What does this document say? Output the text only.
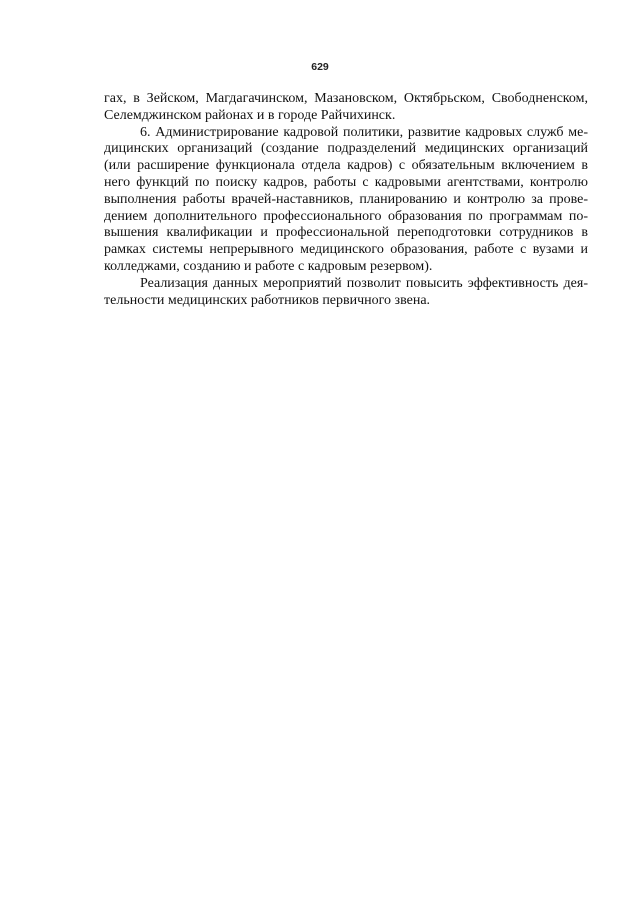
629
гах, в Зейском, Магдагачинском, Мазановском, Октябрьском, Свободненском,
Селемджинском районах и в городе Райчихинск.
6. Администрирование кадровой политики, развитие кадровых служб ме-
дицинских организаций (создание подразделений медицинских организаций
(или расширение функционала отдела кадров) с обязательным включением в
него функций по поиску кадров, работы с кадровыми агентствами, контролю
выполнения работы врачей-наставников, планированию и контролю за прове-
дением дополнительного профессионального образования по программам по-
вышения квалификации и профессиональной переподготовки сотрудников в
рамках системы непрерывного медицинского образования, работе с вузами и
колледжами, созданию и работе с кадровым резервом).
Реализация данных мероприятий позволит повысить эффективность дея-
тельности медицинских работников первичного звена.
